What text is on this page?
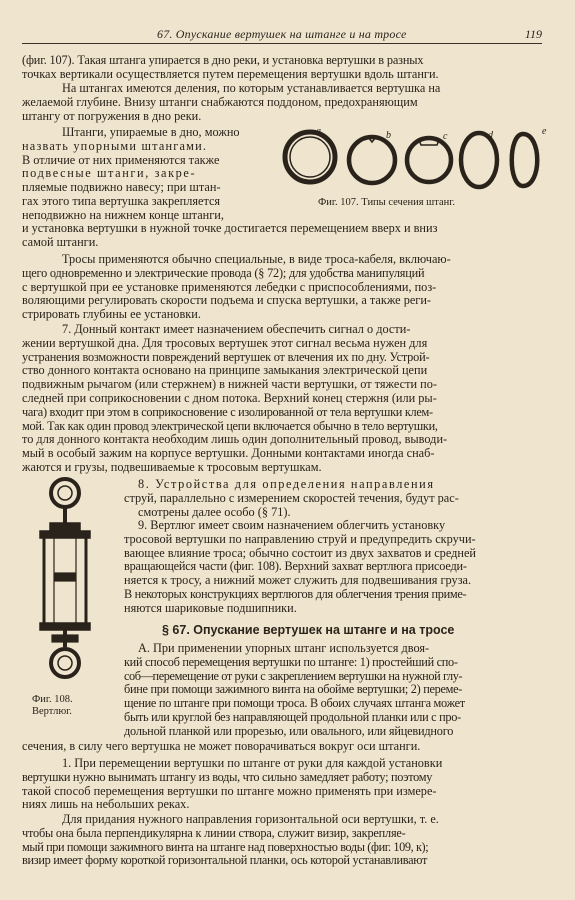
67. Опускание вертушек на штанге и на тросе	119
(фиг. 107). Такая штанга упирается в дно реки, и установка вертушки в разных
точках вертикали осуществляется путем перемещения вертушки вдоль штанги.
На штангах имеются деления, по которым устанавливается вертушка на
желаемой глубине. Внизу штанги снабжаются поддоном, предохраняющим
штангу от погружения в дно реки.
Штанги, упираемые в дно, можно
назвать упорными штангами.
В отличие от них применяются также
подвесные штанги, закре-
пляемые подвижно навесу; при штан-
гах этого типа вертушка закрепляется
неподвижно на нижнем конце штанги,
и установка вертушки в нужной точке достигается перемещением вверх и вниз
самой штанги.
a	b	c	d	e
Фиг. 107. Типы сечения штанг.
Тросы применяются обычно специальные, в виде троса-кабеля, включаю-
щего одновременно и электрические провода (§ 72); для удобства манипуляций
с вертушкой при ее установке применяются лебедки с приспособлениями, поз-
воляющими регулировать скорости подъема и спуска вертушки, а также реги-
стрировать глубины ее установки.
7. Донный контакт имеет назначением обеспечить сигнал о дости-
жении вертушкой дна. Для тросовых вертушек этот сигнал весьма нужен для
устранения возможности повреждений вертушек от влечения их по дну. Устрой-
ство донного контакта основано на принципе замыкания электрической цепи
подвижным рычагом (или стержнем) в нижней части вертушки, от тяжести по-
следней при соприкосновении с дном потока. Верхний конец стержня (или ры-
чага) входит при этом в соприкосновение с изолированной от тела вертушки клем-
мой. Так как один провод электрической цепи включается обычно в тело вертушки,
то для донного контакта необходим лишь один дополнительный провод, выводи-
мый в особый зажим на корпусе вертушки. Донными контактами иногда снаб-
жаются и грузы, подвешиваемые к тросовым вертушкам.
Фиг. 108.
Вертлюг.
8. Устройства для определения направления
струй, параллельно с измерением скоростей течения, будут рас-
смотрены далее особо (§ 71).
9. Вертлюг имеет своим назначением облегчить установку
тросовой вертушки по направлению струй и предупредить скручи-
вающее влияние троса; обычно состоит из двух захватов и средней
вращающейся части (фиг. 108). Верхний захват вертлюга присоеди-
няется к тросу, а нижний может служить для подвешивания груза.
В некоторых конструкциях вертлюгов для облегчения трения приме-
няются шариковые подшипники.
§ 67. Опускание вертушек на штанге и на тросе
А. При применении упорных штанг используется двоя-
кий способ перемещения вертушки по штанге: 1) простейший спо-
соб—перемещение от руки с закреплением вертушки на нужной глу-
бине при помощи зажимного винта на обойме вертушки; 2) переме-
щение по штанге при помощи троса. В обоих случаях штанга может
быть или круглой без направляющей продольной планки или с про-
дольной планкой или прорезью, или овального, или яйцевидного
сечения, в силу чего вертушка не может поворачиваться вокруг оси штанги.
1. При перемещении вертушки по штанге от руки для каждой установки
вертушки нужно вынимать штангу из воды, что сильно замедляет работу; поэтому
такой способ перемещения вертушки по штанге можно применять при измере-
ниях лишь на небольших реках.
Для придания нужного направления горизонтальной оси вертушки, т. е.
чтобы она была перпендикулярна к линии створа, служит визир, закрепляе-
мый при помощи зажимного винта на штанге над поверхностью воды (фиг. 109, к);
визир имеет форму короткой горизонтальной планки, ось которой устанавливают
